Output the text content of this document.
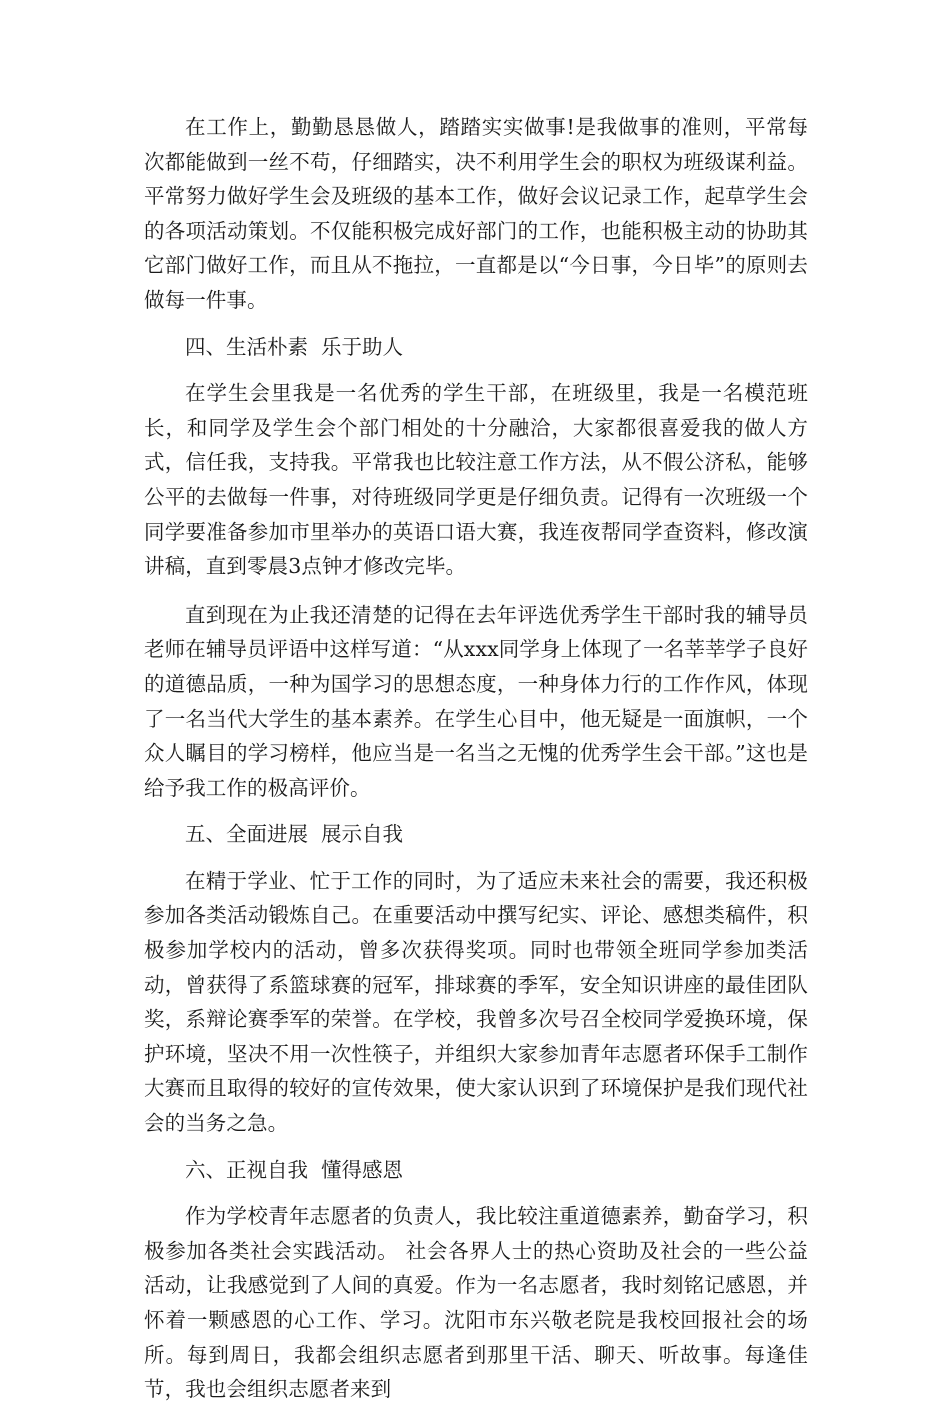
在工作上，勤勤恳恳做人，踏踏实实做事!是我做事的准则，平常每次都能做到一丝不苟，仔细踏实，决不利用学生会的职权为班级谋利益。平常努力做好学生会及班级的基本工作，做好会议记录工作，起草学生会的各项活动策划。不仅能积极完成好部门的工作，也能积极主动的协助其它部门做好工作，而且从不拖拉，一直都是以“今日事，今日毕”的原则去做每一件事。

四、生活朴素  乐于助人

在学生会里我是一名优秀的学生干部，在班级里，我是一名模范班长，和同学及学生会个部门相处的十分融洽，大家都很喜爱我的做人方式，信任我，支持我。平常我也比较注意工作方法，从不假公济私，能够公平的去做每一件事，对待班级同学更是仔细负责。记得有一次班级一个同学要准备参加市里举办的英语口语大赛，我连夜帮同学查资料，修改演讲稿，直到零晨3点钟才修改完毕。

直到现在为止我还清楚的记得在去年评选优秀学生干部时我的辅导员老师在辅导员评语中这样写道：“从xxx同学身上体现了一名莘莘学子良好的道德品质，一种为国学习的思想态度，一种身体力行的工作作风，体现了一名当代大学生的基本素养。在学生心目中，他无疑是一面旗帜，一个众人瞩目的学习榜样，他应当是一名当之无愧的优秀学生会干部。”这也是给予我工作的极高评价。

五、全面进展  展示自我

在精于学业、忙于工作的同时，为了适应未来社会的需要，我还积极参加各类活动锻炼自己。在重要活动中撰写纪实、评论、感想类稿件，积极参加学校内的活动，曾多次获得奖项。同时也带领全班同学参加类活动，曾获得了系篮球赛的冠军，排球赛的季军，安全知识讲座的最佳团队奖，系辩论赛季军的荣誉。在学校，我曾多次号召全校同学爱换环境，保护环境，坚决不用一次性筷子，并组织大家参加青年志愿者环保手工制作大赛而且取得的较好的宣传效果，使大家认识到了环境保护是我们现代社会的当务之急。

六、正视自我  懂得感恩

作为学校青年志愿者的负责人，我比较注重道德素养，勤奋学习，积极参加各类社会实践活动。 社会各界人士的热心资助及社会的一些公益活动，让我感觉到了人间的真爱。作为一名志愿者，我时刻铭记感恩，并怀着一颗感恩的心工作、学习。沈阳市东兴敬老院是我校回报社会的场所。每到周日，我都会组织志愿者到那里干活、聊天、听故事。每逢佳节，我也会组织志愿者来到
